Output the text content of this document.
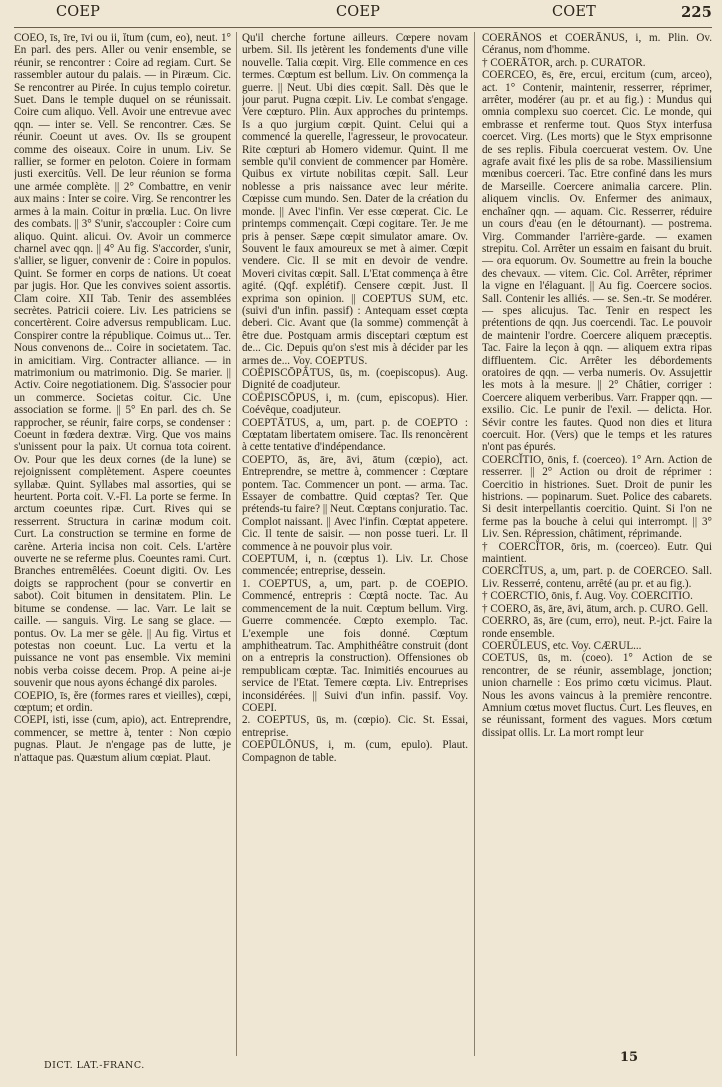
COEP	COEP	COET	225

COEO, īs, īre, īvi ou ii, ĭtum (cum, eo), neut. 1° En parl. des pers. Aller ou venir ensemble, se réunir, se rencontrer : Coire ad regiam. Curt. Se rassembler autour du palais. — in Piræum. Cic. Se rencontrer au Pirée. In cujus templo coiretur. Suet. Dans le temple duquel on se réunissait. Coire cum aliquo. Vell. Avoir une entrevue avec qqn. — inter se. Vell. Se rencontrer. Cæs. Se réunir. Coeunt ut aves. Ov. Ils se groupent comme des oiseaux. Coire in unum. Liv. Se rallier, se former en peloton. Coiere in formam justi exercitûs. Vell. De leur réunion se forma une armée complète. || 2° Combattre, en venir aux mains : Inter se coire. Virg. Se rencontrer les armes à la main. Coitur in prœlia. Luc. On livre des combats. || 3° S'unir, s'accoupler : Coire cum aliquo. Quint. alicui. Ov. Avoir un commerce charnel avec qqn. || 4° Au fig. S'accorder, s'unir, s'allier, se liguer, convenir de : Coire in populos. Quint. Se former en corps de nations. Ut coeat par jugis. Hor. Que les convives soient assortis. Clam coire. XII Tab. Tenir des assemblées secrètes. Patricii coiere. Liv. Les patriciens se concertèrent. Coire adversus rempublicam. Luc. Conspirer contre la république. Coimus ut... Ter. Nous convenons de... Coire in societatem. Tac. in amicitiam. Virg. Contracter alliance. — in matrimonium ou matrimonio. Dig. Se marier. || Activ. Coire negotiationem. Dig. S'associer pour un commerce. Societas coitur. Cic. Une association se forme. || 5° En parl. des ch. Se rapprocher, se réunir, faire corps, se condenser : Coeunt in fœdera dextræ. Virg. Que vos mains s'unissent pour la paix. Ut cornua tota coirent. Ov. Pour que les deux cornes (de la lune) se rejoignissent complètement. Aspere coeuntes syllabæ. Quint. Syllabes mal assorties, qui se heurtent. Porta coit. V.-Fl. La porte se ferme. In arctum coeuntes ripæ. Curt. Rives qui se resserrent. Structura in carinæ modum coit. Curt. La construction se termine en forme de carène. Arteria incisa non coit. Cels. L'artère ouverte ne se referme plus. Coeuntes rami. Curt. Branches entremêlées. Coeunt digiti. Ov. Les doigts se rapprochent (pour se convertir en sabot). Coit bitumen in densitatem. Plin. Le bitume se condense. — lac. Varr. Le lait se caille. — sanguis. Virg. Le sang se glace. — pontus. Ov. La mer se gèle. || Au fig. Virtus et potestas non coeunt. Luc. La vertu et la puissance ne vont pas ensemble. Vix memini nobis verba coisse decem. Prop. A peine ai-je souvenir que nous ayons échangé dix paroles.

COEPIO, īs, ĕre (formes rares et vieilles), cœpi, cœptum; et ordin.

COEPI, isti, isse (cum, apio), act. Entreprendre, commencer, se mettre à, tenter : Non cœpio pugnas. Plaut. Je n'engage pas de lutte, je n'attaque pas. Quæstum alium cœpiat. Plaut.

Qu'il cherche fortune ailleurs. Cœpere novam urbem. Sil. Ils jetèrent les fondements d'une ville nouvelle. Talia cœpit. Virg. Elle commence en ces termes. Cœptum est bellum. Liv. On commença la guerre. || Neut. Ubi dies cœpit. Sall. Dès que le jour parut. Pugna cœpit. Liv. Le combat s'engage. Vere cœpturo. Plin. Aux approches du printemps. Is a quo jurgium cœpit. Quint. Celui qui a commencé la querelle, l'agresseur, le provocateur. Rite cœpturi ab Homero videmur. Quint. Il me semble qu'il convient de commencer par Homère. Quibus ex virtute nobilitas cœpit. Sall. Leur noblesse a pris naissance avec leur mérite. Cœpisse cum mundo. Sen. Dater de la création du monde. || Avec l'infin. Ver esse cœperat. Cic. Le printemps commençait. Cœpi cogitare. Ter. Je me pris à penser. Sæpe cœpit simulator amare. Ov. Souvent le faux amoureux se met à aimer. Cœpit vendere. Cic. Il se mit en devoir de vendre. Moveri civitas cœpit. Sall. L'Etat commença à être agité. (Qqf. explétif). Censere cœpit. Just. Il exprima son opinion. || COEPTUS SUM, etc. (suivi d'un infin. passif) : Antequam esset cœpta deberi. Cic. Avant que (la somme) commençât à être due. Postquam armis disceptari cœptum est de... Cic. Depuis qu'on s'est mis à décider par les armes de... Voy. COEPTUS.

COËPISCŌPĀTUS, ūs, m. (coepiscopus). Aug. Dignité de coadjuteur.

COËPISCŌPUS, i, m. (cum, episcopus). Hier. Coévêque, coadjuteur.

COEPTĀTUS, a, um, part. p. de COEPTO : Cœptatam libertatem omisere. Tac. Ils renoncèrent à cette tentative d'indépendance.

COEPTO, ās, āre, āvi, ātum (cœpio), act. Entreprendre, se mettre à, commencer : Cœptare pontem. Tac. Commencer un pont. — arma. Tac. Essayer de combattre. Quid cœptas? Ter. Que prétends-tu faire? || Neut. Cœptans conjuratio. Tac. Complot naissant. || Avec l'infin. Cœptat appetere. Cic. Il tente de saisir. — non posse tueri. Lr. Il commence à ne pouvoir plus voir.

COEPTUM, i, n. (cœptus 1). Liv. Lr. Chose commencée; entreprise, dessein.

1. COEPTUS, a, um, part. p. de COEPIO. Commencé, entrepris : Cœptâ nocte. Tac. Au commencement de la nuit. Cœptum bellum. Virg. Guerre commencée. Cœpto exemplo. Tac. L'exemple une fois donné. Cœptum amphitheatrum. Tac. Amphithéâtre construit (dont on a entrepris la construction). Offensiones ob rempublicam cœptæ. Tac. Inimitiés encourues au service de l'Etat. Temere cœpta. Liv. Entreprises inconsidérées. || Suivi d'un infin. passif. Voy. COEPI.

2. COEPTUS, ūs, m. (cœpio). Cic. St. Essai, entreprise.

COEPŪLŌNUS, i, m. (cum, epulo). Plaut. Compagnon de table.

COERĀNOS et COERĀNUS, i, m. Plin. Ov. Céranus, nom d'homme.

† COERĀTOR, arch. p. CURATOR.

COERCEO, ēs, ēre, ercui, ercitum (cum, arceo), act. 1° Contenir, maintenir, resserrer, réprimer, arrêter, modérer (au pr. et au fig.) : Mundus qui omnia complexu suo coercet. Cic. Le monde, qui embrasse et renferme tout. Quos Styx interfusa coercet. Virg. (Les morts) que le Styx emprisonne de ses replis. Fibula coercuerat vestem. Ov. Une agrafe avait fixé les plis de sa robe. Massiliensium mœnibus coerceri. Tac. Etre confiné dans les murs de Marseille. Coercere animalia carcere. Plin. aliquem vinclis. Ov. Enfermer des animaux, enchaîner qqn. — aquam. Cic. Resserrer, réduire un cours d'eau (en le détournant). — postrema. Virg. Commander l'arrière-garde. — examen strepitu. Col. Arrêter un essaim en faisant du bruit. — ora equorum. Ov. Soumettre au frein la bouche des chevaux. — vitem. Cic. Col. Arrêter, réprimer la vigne en l'élaguant. || Au fig. Coercere socios. Sall. Contenir les alliés. — se. Sen.-tr. Se modérer. — spes alicujus. Tac. Tenir en respect les prétentions de qqn. Jus coercendi. Tac. Le pouvoir de maintenir l'ordre. Coercere aliquem præceptis. Tac. Faire la leçon à qqn. — aliquem extra ripas diffluentem. Cic. Arrêter les débordements oratoires de qqn. — verba numeris. Ov. Assujettir les mots à la mesure. || 2° Châtier, corriger : Coercere aliquem verberibus. Varr. Frapper qqn. — exsilio. Cic. Le punir de l'exil. — delicta. Hor. Sévir contre les fautes. Quod non dies et litura coercuit. Hor. (Vers) que le temps et les ratures n'ont pas épurés.

COERCĬTIO, ōnis, f. (coerceo). 1° Arn. Action de resserrer. || 2° Action ou droit de réprimer : Coercitio in histriones. Suet. Droit de punir les histrions. — popinarum. Suet. Police des cabarets. Si desit interpellantis coercitio. Quint. Si l'on ne ferme pas la bouche à celui qui interrompt. || 3° Liv. Sen. Répression, châtiment, réprimande.

† COERCĬTOR, ōris, m. (coerceo). Eutr. Qui maintient.

COERCĬTUS, a, um, part. p. de COERCEO. Sall. Liv. Resserré, contenu, arrêté (au pr. et au fig.).

† COERCTIO, ōnis, f. Aug. Voy. COERCITIO.

† COERO, ās, āre, āvi, ātum, arch. p. CURO. Gell.

COERRO, ās, āre (cum, erro), neut. P.-jct. Faire la ronde ensemble.

COERŬLEUS, etc. Voy. CÆRUL...

COETUS, ūs, m. (coeo). 1° Action de se rencontrer, de se réunir, assemblage, jonction; union charnelle : Eos primo cœtu vicimus. Plaut. Nous les avons vaincus à la première rencontre. Amnium cœtus movet fluctus. Curt. Les fleuves, en se réunissant, forment des vagues. Mors cœtum dissipat ollis. Lr. La mort rompt leur

DICT. LAT.-FRANC.
15
